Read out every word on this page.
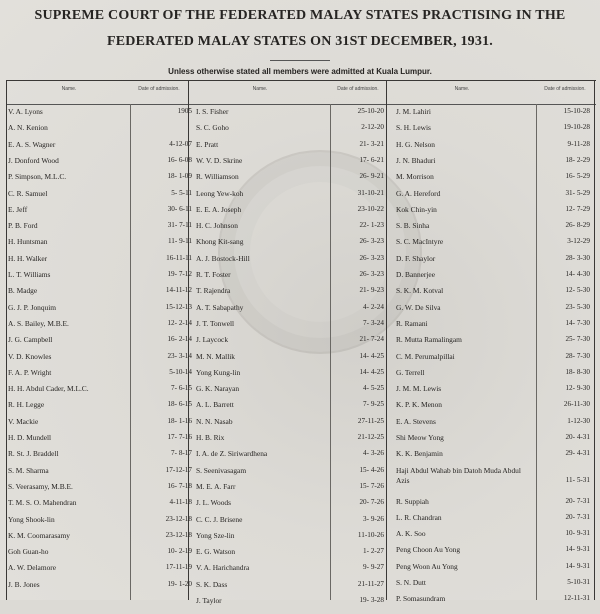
SUPREME COURT OF THE FEDERATED MALAY STATES PRACTISING IN THE
FEDERATED MALAY STATES ON 31ST DECEMBER, 1931.
Unless otherwise stated all members were admitted at Kuala Lumpur.
Name.	Date of admission.	Name.	Date of admission.	Name.	Date of admission.
V. A. Lyons	1905
A. N. Kenion
E. A. S. Wagner	4-12-07
J. Donford Wood	16- 6-08
P. Simpson, M.L.C.	18- 1-09
C. R. Samuel	5- 5-11
E. Jeff	30- 6-11
P. B. Ford	31- 7-11
H. Huntsman	11- 9-11
H. H. Walker	16-11-11
L. T. Williams	19- 7-12
B. Madge	14-11-12
G. J. P. Jonquim	15-12-13
A. S. Bailey, M.B.E.	12- 2-14
J. G. Campbell	16- 2-14
V. D. Knowles	23- 3-14
F. A. P. Wright	5-10-14
H. H. Abdul Cader, M.L.C.	7- 6-15
R. H. Legge	18- 6-15
V. Mackie	18- 1-16
H. D. Mundell	17- 7-16
R. St. J. Braddell	7- 8-17
S. M. Sharma	17-12-17
S. Veerasamy, M.B.E.	16- 7-18
T. M. S. O. Mahendran	4-11-18
Yong Shook-lin	23-12-18
K. M. Coomarasamy	23-12-18
Goh Guan-ho	10- 2-19
A. W. Delamore	17-11-19
J. B. Jones	19- 1-20
I. S. Fisher	25-10-20
S. C. Goho	2-12-20
E. Pratt	21- 3-21
W. V. D. Skrine	17- 6-21
R. Williamson	26- 9-21
Leong Yew-koh	31-10-21
E. E. A. Joseph	23-10-22
H. C. Johnson	22- 1-23
Khong Kit-sang	26- 3-23
A. J. Bostock-Hill	26- 3-23
R. T. Foster	26- 3-23
T. Rajendra	21- 9-23
A. T. Sabapathy	4- 2-24
J. T. Tonwell	7- 3-24
J. Laycock	21- 7-24
M. N. Mallik	14- 4-25
Yong Kung-lin	14- 4-25
G. K. Narayan	4- 5-25
A. L. Barrett	7- 9-25
N. N. Nasab	27-11-25
H. B. Rix	21-12-25
I. A. de Z. Siriwardhena	4- 3-26
S. Seenivasagam	15- 4-26
M. E. A. Farr	15- 7-26
J. L. Woods	20- 7-26
C. C. J. Brisene	3- 9-26
Yong Sze-lin	11-10-26
E. G. Watson	1- 2-27
V. A. Harichandra	9- 9-27
S. K. Dass	21-11-27
J. Taylor	19- 3-28
J. M. Lahiri	15-10-28
S. H. Lewis	19-10-28
H. G. Nelson	9-11-28
J. N. Bhaduri	18- 2-29
M. Morrison	16- 5-29
G. A. Hereford	31- 5-29
Kok Chin-yin	12- 7-29
S. B. Sinha	26- 8-29
S. C. MacIntyre	3-12-29
D. F. Shaylor	28- 3-30
D. Bannerjee	14- 4-30
S. K. M. Kotval	12- 5-30
G. W. De Silva	23- 5-30
R. Ramani	14- 7-30
R. Mutta Ramalingam	25- 7-30
C. M. Perumalpillai	28- 7-30
G. Terrell	18- 8-30
J. M. M. Lewis	12- 9-30
K. P. K. Menon	26-11-30
E. A. Stevens	1-12-30
Shi Meow Yong	20- 4-31
K. K. Benjamin	29- 4-31
Haji Abdul Wahab bin Datoh Muda Abdul Azis	11- 5-31
R. Suppiah	20- 7-31
L. R. Chandran	20- 7-31
A. K. Soo	10- 9-31
Peng Choon Au Yong	14- 9-31
Peng Woon Au Yong	14- 9-31
S. N. Dutt	5-10-31
P. Somasundram	12-11-31
